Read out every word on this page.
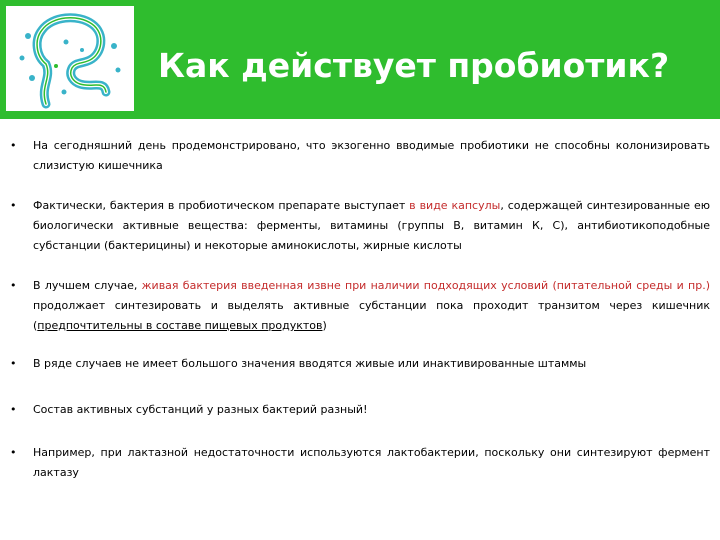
Как действует пробиотик?
• На сегодняшний день продемонстрировано, что экзогенно вводимые пробиотики не способны колонизировать слизистую кишечника
• Фактически, бактерия в пробиотическом препарате выступает в виде капсулы, содержащей синтезированные ею биологически активные вещества: ферменты, витамины (группы В, витамин К, С), антибиотикоподобные субстанции (бактерицины) и некоторые аминокислоты, жирные кислоты
• В лучшем случае, живая бактерия введенная извне при наличии подходящих условий (питательной среды и пр.) продолжает синтезировать и выделять активные субстанции пока проходит транзитом через кишечник (предпочтительны в составе пищевых продуктов)
• В ряде случаев не имеет большого значения вводятся живые или инактивированные штаммы
• Состав активных субстанций у разных бактерий разный!
• Например, при лактазной недостаточности используются лактобактерии, поскольку они синтезируют фермент лактазу
